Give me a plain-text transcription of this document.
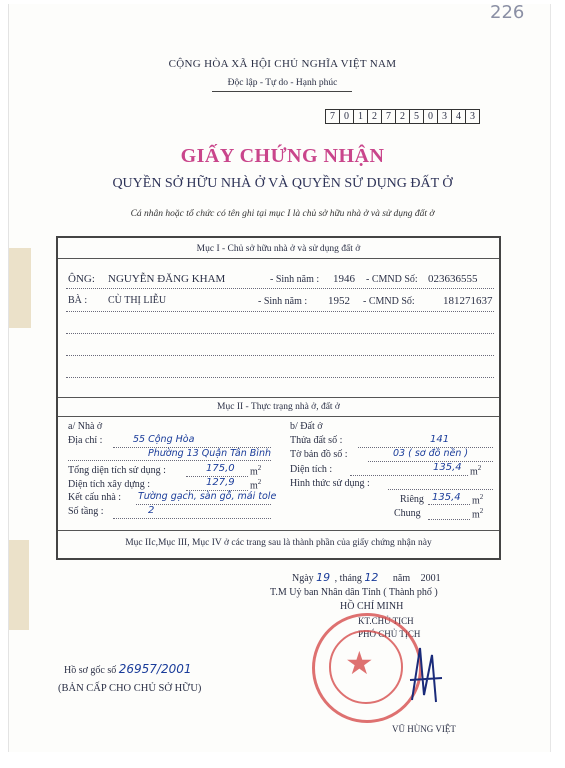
226
CỘNG HÒA XÃ HỘI CHỦ NGHĨA VIỆT NAM
Độc lập - Tự do - Hạnh phúc
7 0 1 2 7 2 5 0 3 4 3
GIẤY CHỨNG NHẬN
QUYỀN SỞ HỮU NHÀ Ở VÀ QUYỀN SỬ DỤNG ĐẤT Ở
Cá nhân hoặc tổ chức có tên ghi tại mục I là chủ sở hữu nhà ở và sử dụng đất ở
Mục I - Chủ sở hữu nhà ở và sử dụng đất ở
ÔNG: NGUYỄN ĐĂNG KHAM	- Sinh năm : 1946 - CMND Số: 023636555
BÀ : CÙ THỊ LIỄU	- Sinh năm : 1952 - CMND Số:	181271637
Mục II - Thực trạng nhà ở, đất ở
a/ Nhà ở
Địa chỉ :	55 Cộng Hòa
Phường 13 Quận Tân Bình
Tổng diện tích sử dụng :	175,0 $m^2$
Diện tích xây dựng :	127,9 $m^2$
Kết cấu nhà : Tường gạch, sàn gỗ, mái tole
Số tầng :	2
b/ Đất ở
Thửa đất số :	141
Tờ bản đồ số :	03 ( sơ đồ nền )
Diện tích :	135,4 $m^2$
Hình thức sử dụng :
Riêng 135,4 $m^2$
Chung	$m^2$
Mục IIc,Mục III, Mục IV ở các trang sau là thành phần của giấy chứng nhận này
Ngày 19 , tháng 12 năm 2001
T.M Uỷ ban Nhân dân Tỉnh ( Thành phố )
HỒ CHÍ MINH
KT.CHỦ TỊCH
PHÓ CHỦ TỊCH
★
VŨ HÙNG VIỆT
Hồ sơ gốc số 26957/2001
(BẢN CẤP CHO CHỦ SỞ HỮU)
